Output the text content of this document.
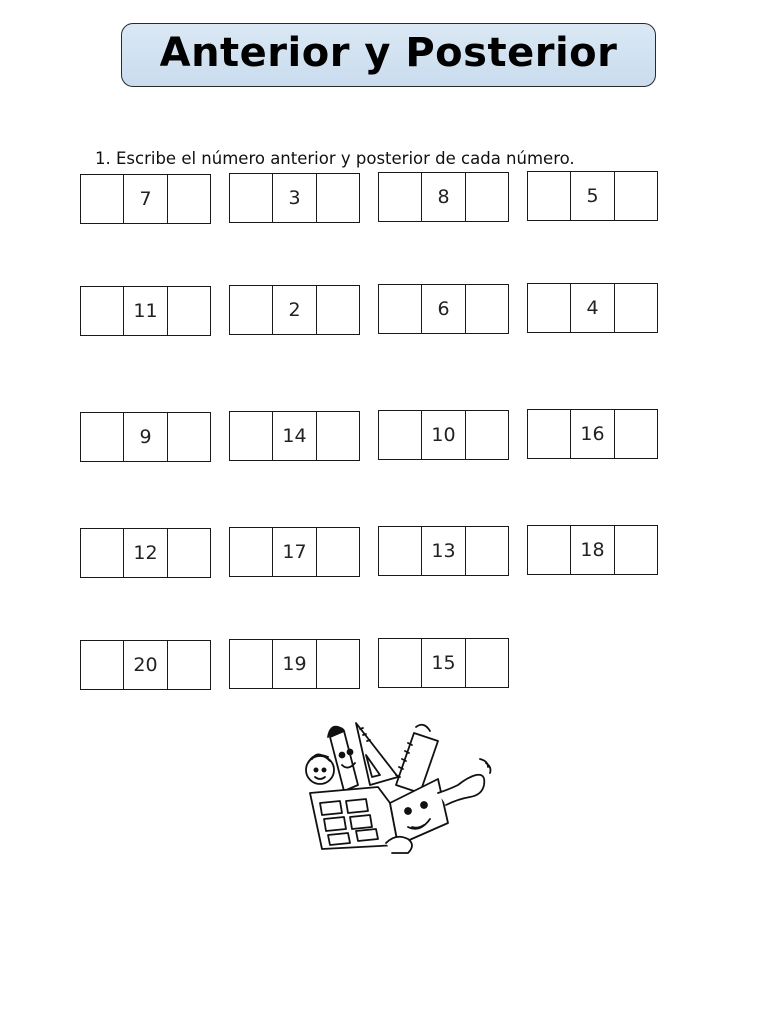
Anterior y Posterior
1. Escribe el número anterior y posterior de cada número.
7	3	8	5
11	2	6	4
9	14	10	16
12	17	13	18
20	19	15
